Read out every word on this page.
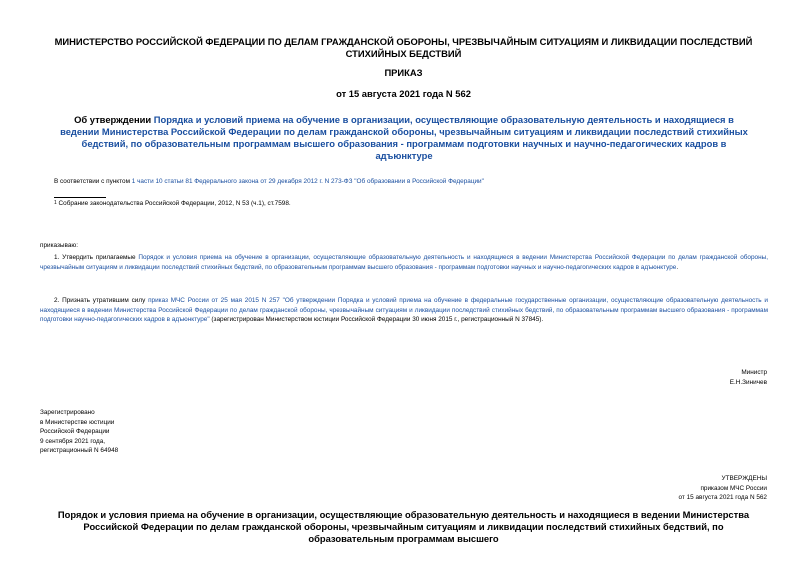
МИНИСТЕРСТВО РОССИЙСКОЙ ФЕДЕРАЦИИ ПО ДЕЛАМ ГРАЖДАНСКОЙ ОБОРОНЫ, ЧРЕЗВЫЧАЙНЫМ СИТУАЦИЯМ И ЛИКВИДАЦИИ ПОСЛЕДСТВИЙ СТИХИЙНЫХ БЕДСТВИЙ
ПРИКАЗ
от 15 августа 2021 года N 562
Об утверждении Порядка и условий приема на обучение в организации, осуществляющие образовательную деятельность и находящиеся в ведении Министерства Российской Федерации по делам гражданской обороны, чрезвычайным ситуациям и ликвидации последствий стихийных бедствий, по образовательным программам высшего образования - программам подготовки научных и научно-педагогических кадров в адъюнктуре
В соответствии с пунктом 1 части 10 статьи 81 Федерального закона от 29 декабря 2012 г. N 273-ФЗ "Об образовании в Российской Федерации"
$^1$ Собрание законодательства Российской Федерации, 2012, N 53 (ч.1), ст.7598.
приказываю:
1. Утвердить прилагаемые Порядок и условия приема на обучение в организации, осуществляющие образовательную деятельность и находящиеся в ведении Министерства Российской Федерации по делам гражданской обороны, чрезвычайным ситуациям и ликвидации последствий стихийных бедствий, по образовательным программам высшего образования - программам подготовки научных и научно-педагогических кадров в адъюнктуре.
2. Признать утратившим силу приказ МЧС России от 25 мая 2015 N 257 "Об утверждении Порядка и условий приема на обучение в федеральные государственные организации, осуществляющие образовательную деятельность и находящиеся в ведении Министерства Российской Федерации по делам гражданской обороны, чрезвычайным ситуациям и ликвидации последствий стихийных бедствий, по образовательным программам высшего образования - программам подготовки научно-педагогических кадров в адъюнктуре" (зарегистрирован Министерством юстиции Российской Федерации 30 июня 2015 г., регистрационный N 37845).
Министр
Е.Н.Зиничев
Зарегистрировано
в Министерстве юстиции
Российской Федерации
9 сентября 2021 года,
регистрационный N 64948
УТВЕРЖДЕНЫ
приказом МЧС России
от 15 августа 2021 года N 562
Порядок и условия приема на обучение в организации, осуществляющие образовательную деятельность и находящиеся в ведении Министерства Российской Федерации по делам гражданской обороны, чрезвычайным ситуациям и ликвидации последствий стихийных бедствий, по образовательным программам высшего
